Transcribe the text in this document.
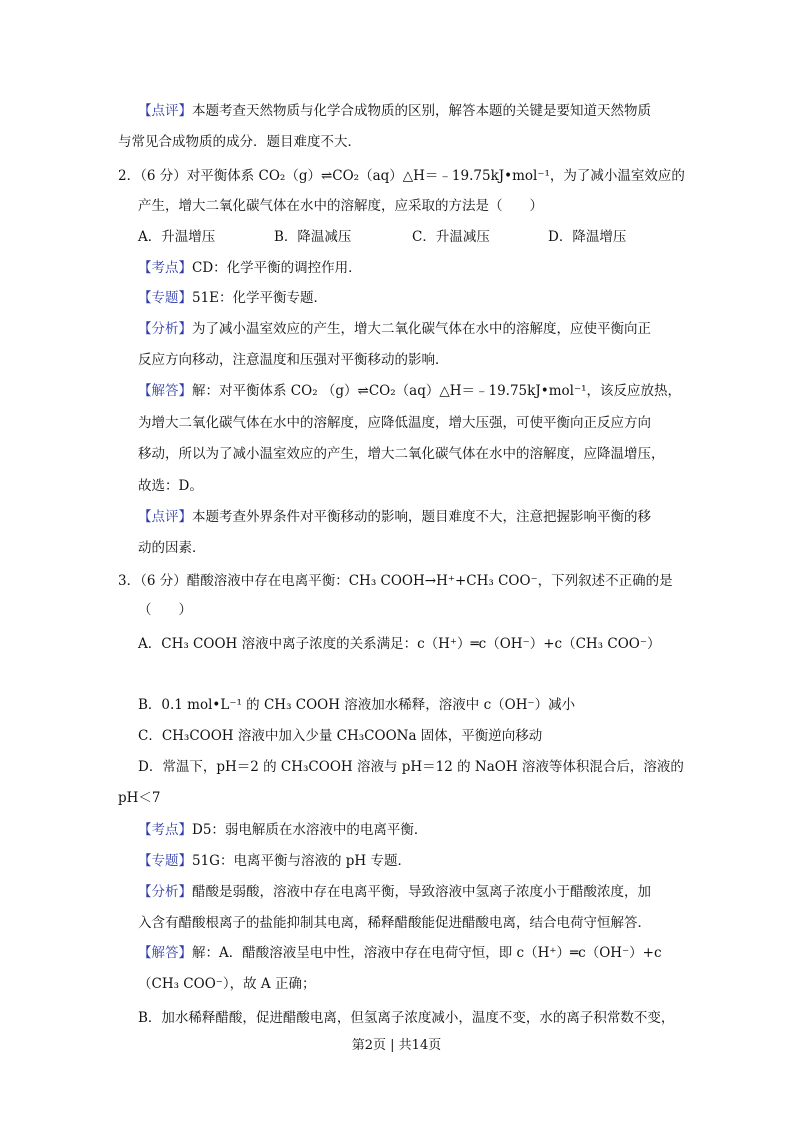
【点评】本题考查天然物质与化学合成物质的区别，解答本题的关键是要知道天然物质
与常见合成物质的成分．题目难度不大．
2．（6 分）对平衡体系 CO₂（g）⇌CO₂（aq）△H＝﹣19.75kJ•mol⁻¹，为了减小温室效应的
产生，增大二氧化碳气体在水中的溶解度，应采取的方法是（　　）
【考点】CD：化学平衡的调控作用．
【专题】51E：化学平衡专题．
【分析】为了减小温室效应的产生，增大二氧化碳气体在水中的溶解度，应使平衡向正
反应方向移动，注意温度和压强对平衡移动的影响．
【解答】解：对平衡体系 CO₂ （g）⇌CO₂（aq）△H＝﹣19.75kJ•mol⁻¹，该反应放热，
为增大二氧化碳气体在水中的溶解度，应降低温度，增大压强，可使平衡向正反应方向
移动，所以为了减小温室效应的产生，增大二氧化碳气体在水中的溶解度，应降温增压，
故选：D。
【点评】本题考查外界条件对平衡移动的影响，题目难度不大，注意把握影响平衡的移
动的因素．
3．（6 分）醋酸溶液中存在电离平衡：CH₃ COOH→H⁺+CH₃ COO⁻，下列叙述不正确的是
（　　）
A．CH₃ COOH 溶液中离子浓度的关系满足：c（H⁺）═c（OH⁻）+c（CH₃ COO⁻）
B．0.1 mol•L⁻¹ 的 CH₃ COOH 溶液加水稀释，溶液中 c（OH⁻）减小
C．CH₃COOH 溶液中加入少量 CH₃COONa 固体，平衡逆向移动
D．常温下，pH＝2 的 CH₃COOH 溶液与 pH＝12 的 NaOH 溶液等体积混合后，溶液的
pH＜7
【考点】D5：弱电解质在水溶液中的电离平衡．
【专题】51G：电离平衡与溶液的 pH 专题．
【分析】醋酸是弱酸，溶液中存在电离平衡，导致溶液中氢离子浓度小于醋酸浓度，加
入含有醋酸根离子的盐能抑制其电离，稀释醋酸能促进醋酸电离，结合电荷守恒解答．
【解答】解：A．醋酸溶液呈电中性，溶液中存在电荷守恒，即 c（H⁺）═c（OH⁻）+c
（CH₃ COO⁻），故 A 正确；
B．加水稀释醋酸，促进醋酸电离，但氢离子浓度减小，温度不变，水的离子积常数不变，
A．升温增压	B．降温减压	C．升温减压	D．降温增压
第2页 | 共14页
